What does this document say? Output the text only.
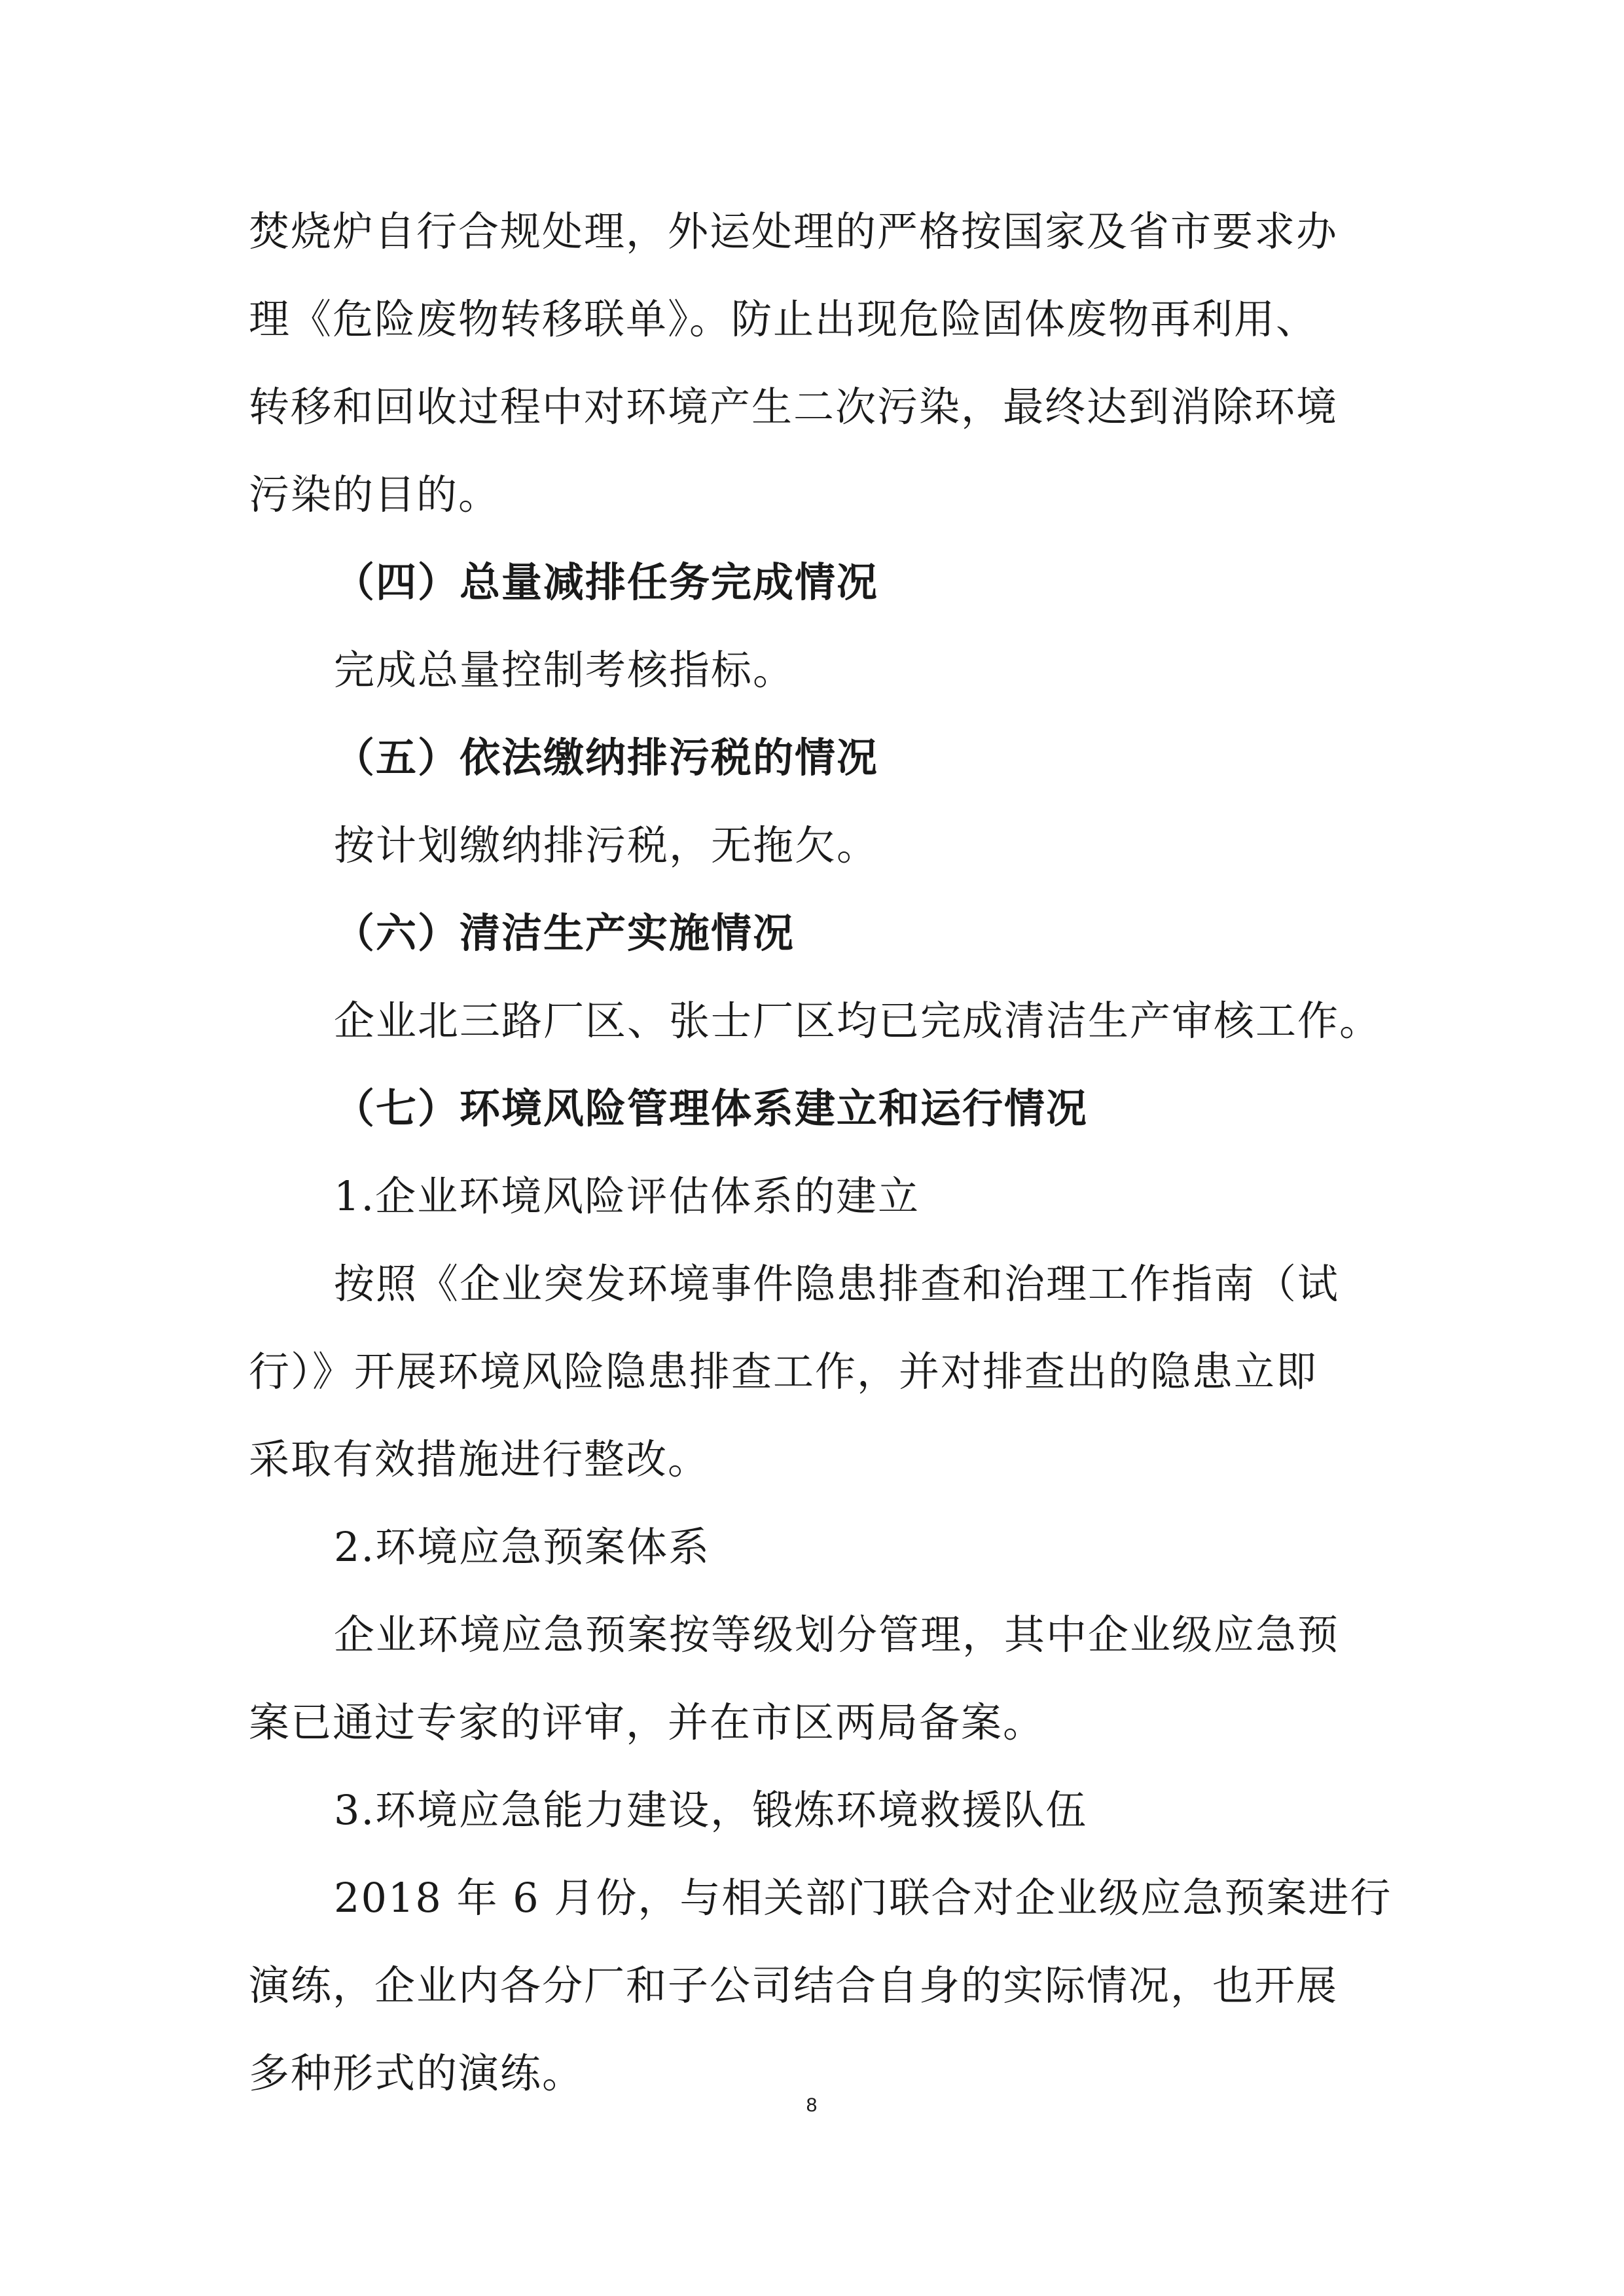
焚烧炉自行合规处理，外运处理的严格按国家及省市要求办
理《危险废物转移联单》。防止出现危险固体废物再利用、
转移和回收过程中对环境产生二次污染，最终达到消除环境
污染的目的。
（四）总量减排任务完成情况
完成总量控制考核指标。
（五）依法缴纳排污税的情况
按计划缴纳排污税，无拖欠。
（六）清洁生产实施情况
企业北三路厂区、张士厂区均已完成清洁生产审核工作。
（七）环境风险管理体系建立和运行情况
1.企业环境风险评估体系的建立
按照《企业突发环境事件隐患排查和治理工作指南（试
行）》开展环境风险隐患排查工作，并对排查出的隐患立即
采取有效措施进行整改。
2.环境应急预案体系
企业环境应急预案按等级划分管理，其中企业级应急预
案已通过专家的评审，并在市区两局备案。
3.环境应急能力建设，锻炼环境救援队伍
2018 年 6 月份，与相关部门联合对企业级应急预案进行
演练，企业内各分厂和子公司结合自身的实际情况，也开展
多种形式的演练。
8
